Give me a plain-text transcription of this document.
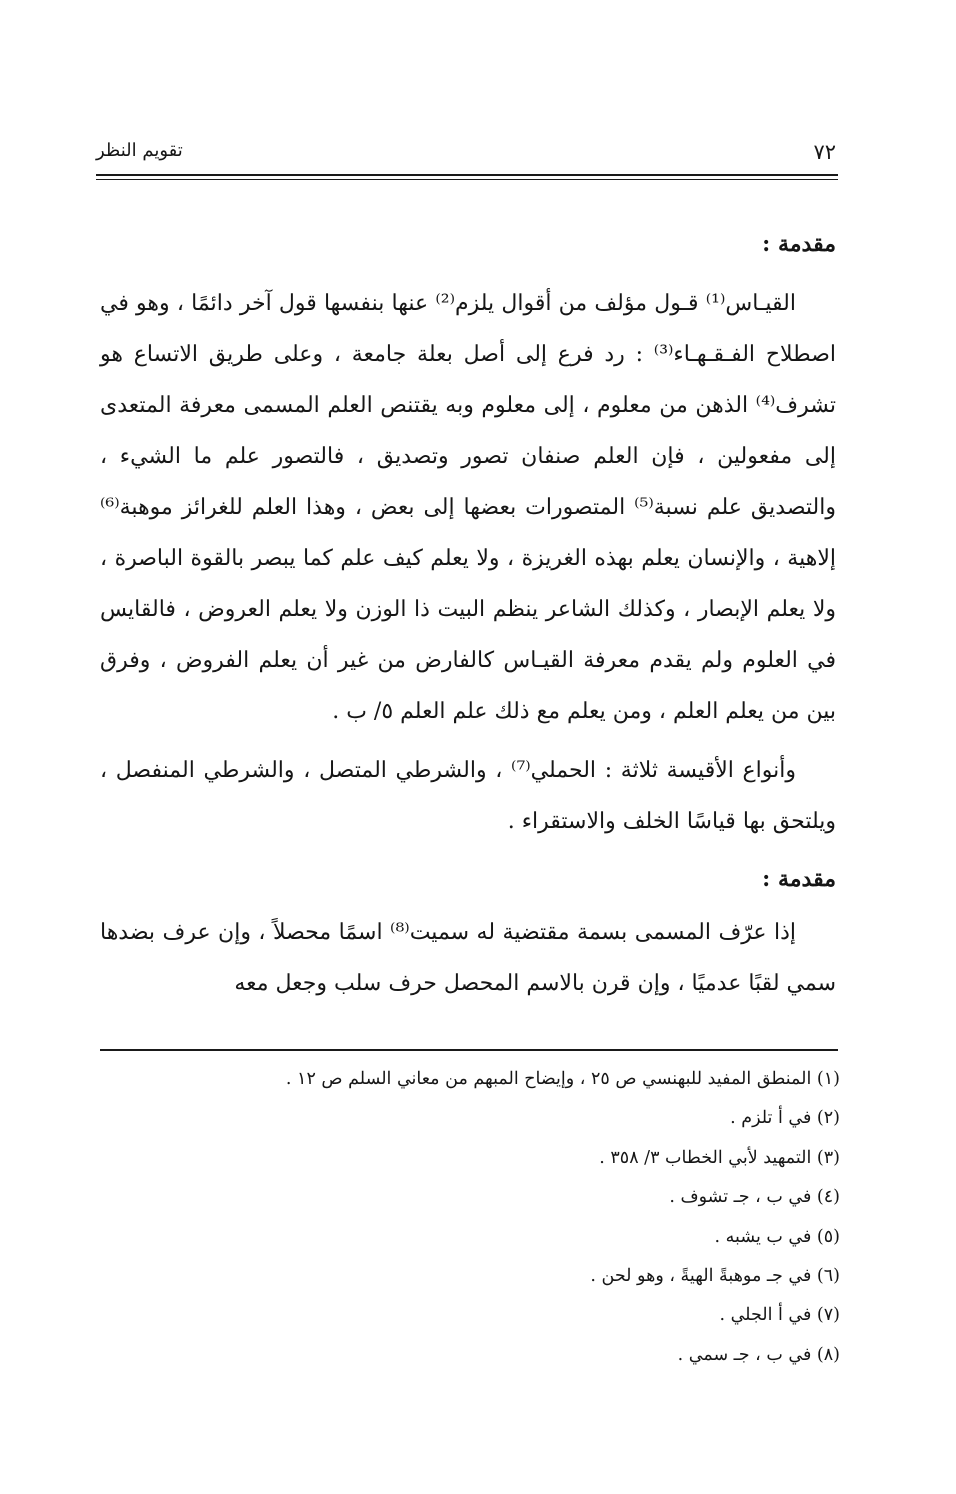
٧٢
تقويم النظر
مقدمة :

القيـاس⁽¹⁾ قـول مؤلف من أقوال يلزم⁽²⁾ عنها بنفسها قول آخر دائمًا ، وهو في اصطلاح الفـقـهـاء⁽³⁾ : رد فرع إلى أصل بعلة جامعة ، وعلى طريق الاتساع هو تشرف⁽⁴⁾ الذهن من معلوم ، إلى معلوم وبه يقتنص العلم المسمى معرفة المتعدى إلى مفعولين ، فإن العلم صنفان تصور وتصديق ، فالتصور علم ما الشيء ، والتصديق علم نسبة⁽⁵⁾ المتصورات بعضها إلى بعض ، وهذا العلم للغرائز موهبة⁽⁶⁾ إلاهية ، والإنسان يعلم بهذه الغريزة ، ولا يعلم كيف علم كما يبصر بالقوة الباصرة ، ولا يعلم الإبصار ، وكذلك الشاعر ينظم البيت ذا الوزن ولا يعلم العروض ، فالقايس في العلوم ولم يقدم معرفة القيـاس كالفارض من غير أن يعلم الفروض ، وفرق بين من يعلم العلم ، ومن يعلم مع ذلك علم العلم ٥/ ب .

وأنواع الأقيسة ثلاثة : الحملي⁽⁷⁾ ، والشرطي المتصل ، والشرطي المنفصل ، ويلتحق بها قياسًا الخلف والاستقراء .

مقدمة :

إذا عرّف المسمى بسمة مقتضية له سميت⁽⁸⁾ اسمًا محصلاً ، وإن عرف بضدها سمي لقبًا عدميًا ، وإن قرن بالاسم المحصل حرف سلب وجعل معه

(١) المنطق المفيد للبهنسي ص ٢٥ ، وإيضاح المبهم من معاني السلم ص ١٢ .

(٢) في أ تلزم .

(٣) التمهيد لأبي الخطاب ٣/ ٣٥٨ .

(٤) في ب ، جـ تشوف .

(٥) في ب يشبه .

(٦) في جـ موهبةً الهيةً ، وهو لحن .

(٧) في أ الجلي .

(٨) في ب ، جـ سمي .
